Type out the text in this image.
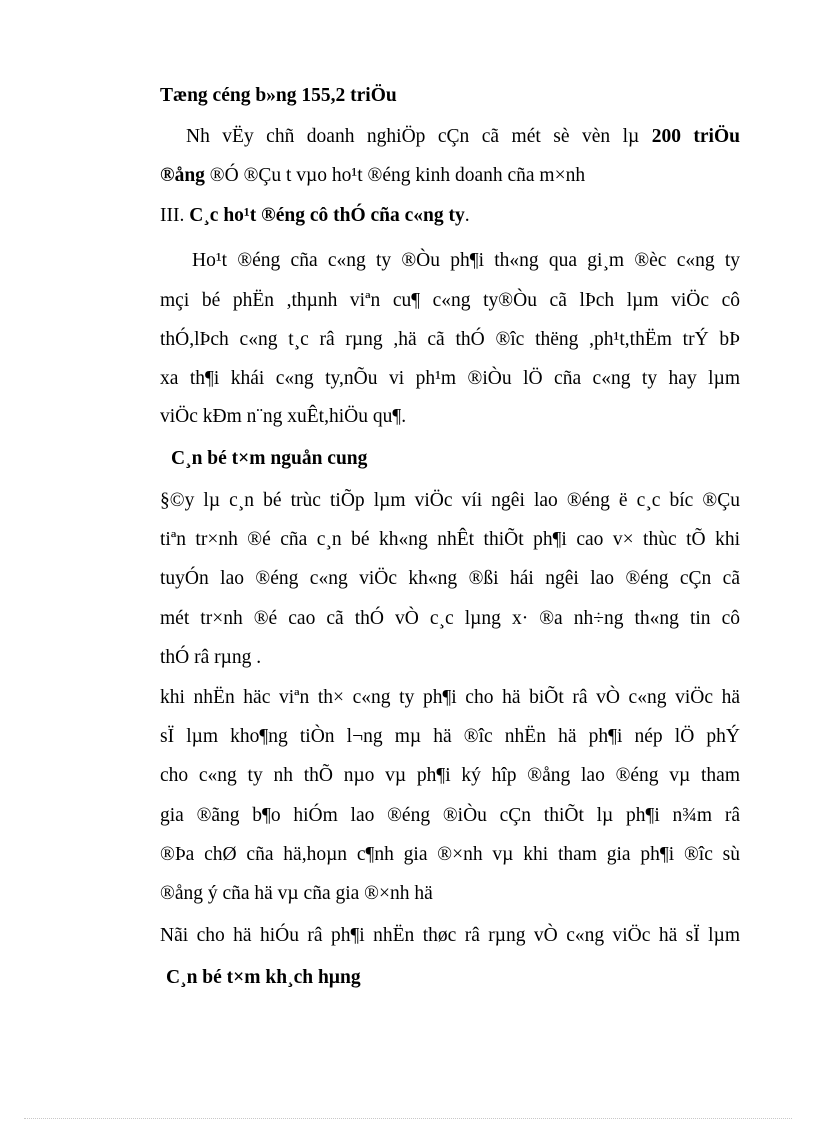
Tæng céng b»ng 155,2 triÖu
Nh vËy chñ doanh nghiÖp cÇn cã mét sè vèn lµ 200 triÖu
®ång ®Ó ®Çu t vµo ho¹t ®éng kinh doanh cña m×nh
III. C¸c ho¹t ®éng cô thÓ cña c«ng ty.
Ho¹t ®éng cña c«ng ty ®Òu ph¶i th«ng qua gi¸m ®èc c«ng ty
mçi bé phËn ,thµnh viªn cu¶ c«ng ty®Òu cã lÞch lµm viÖc cô
thÓ,lÞch c«ng t¸c râ rµng ,hä cã thÓ ®îc thëng ,ph¹t,thËm trÝ bÞ
xa th¶i khái c«ng ty,nÕu vi ph¹m ®iÒu lÖ cña c«ng ty hay lµm
viÖc kÐm n¨ng xuÊt,hiÖu qu¶.
C¸n bé t×m nguån cung
§©y lµ c¸n bé trùc tiÕp lµm viÖc víi ngêi lao ®éng ë c¸c bíc ®Çu
tiªn tr×nh ®é cña c¸n bé kh«ng nhÊt thiÕt ph¶i cao v× thùc tÕ khi
tuyÓn lao ®éng c«ng viÖc kh«ng ®ßi hái ngêi lao ®éng cÇn cã
mét tr×nh ®é cao cã thÓ vÒ c¸c lµng x· ®a nh÷ng th«ng tin cô
thÓ râ rµng .
khi nhËn häc viªn th× c«ng ty ph¶i cho hä biÕt râ vÒ c«ng viÖc hä
sÏ lµm kho¶ng tiÒn l¬ng mµ hä ®îc nhËn hä ph¶i nép lÖ phÝ
cho c«ng ty nh thÕ nµo vµ ph¶i ký hîp ®ång lao ®éng vµ tham
gia ®ãng b¶o hiÓm lao ®éng ®iÒu cÇn thiÕt lµ ph¶i n¾m râ
®Þa chØ cña hä,hoµn c¶nh gia ®×nh vµ khi tham gia ph¶i ®îc sù
®ång ý cña hä vµ cña gia ®×nh hä
Nãi cho hä hiÓu râ ph¶i nhËn thøc râ rµng vÒ c«ng viÖc hä sÏ lµm
C¸n bé t×m kh¸ch hµng
